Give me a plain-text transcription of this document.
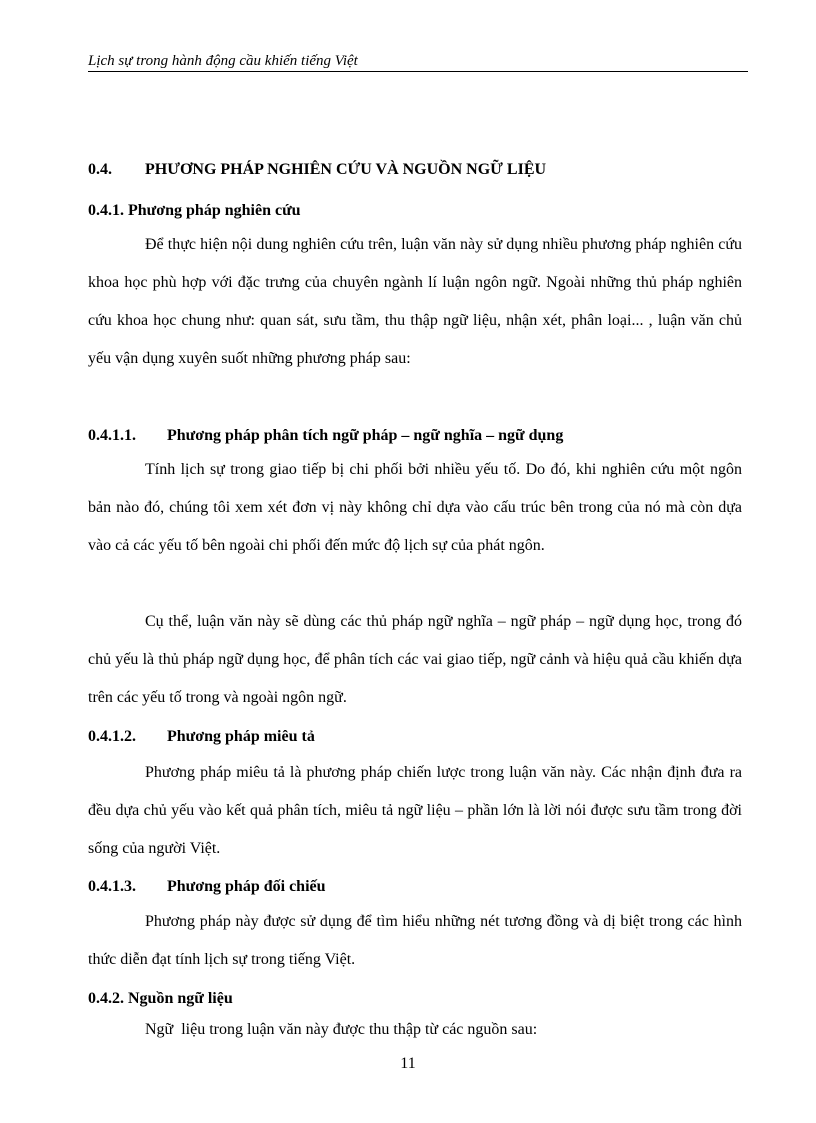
Lịch sự trong hành động cầu khiến tiếng Việt
0.4. PHƯƠNG PHÁP NGHIÊN CỨU VÀ NGUỒN NGỮ LIỆU
0.4.1. Phương pháp nghiên cứu
Để thực hiện nội dung nghiên cứu trên, luận văn này sử dụng nhiều phương pháp nghiên cứu khoa học phù hợp với đặc trưng của chuyên ngành lí luận ngôn ngữ. Ngoài những thủ pháp nghiên cứu khoa học chung như: quan sát, sưu tầm, thu thập ngữ liệu, nhận xét, phân loại... , luận văn chủ yếu vận dụng xuyên suốt những phương pháp sau:
0.4.1.1. Phương pháp phân tích ngữ pháp – ngữ nghĩa – ngữ dụng
Tính lịch sự trong giao tiếp bị chi phối bởi nhiều yếu tố. Do đó, khi nghiên cứu một ngôn bản nào đó, chúng tôi xem xét đơn vị này không chỉ dựa vào cấu trúc bên trong của nó mà còn dựa vào cả các yếu tố bên ngoài chi phối đến mức độ lịch sự của phát ngôn.
Cụ thể, luận văn này sẽ dùng các thủ pháp ngữ nghĩa – ngữ pháp – ngữ dụng học, trong đó chủ yếu là thủ pháp ngữ dụng học, để phân tích các vai giao tiếp, ngữ cảnh và hiệu quả cầu khiến dựa trên các yếu tố trong và ngoài ngôn ngữ.
0.4.1.2. Phương pháp miêu tả
Phương pháp miêu tả là phương pháp chiến lược trong luận văn này. Các nhận định đưa ra đều dựa chủ yếu vào kết quả phân tích, miêu tả ngữ liệu – phần lớn là lời nói được sưu tầm trong đời sống của người Việt.
0.4.1.3. Phương pháp đối chiếu
Phương pháp này được sử dụng để tìm hiểu những nét tương đồng và dị biệt trong các hình thức diễn đạt tính lịch sự trong tiếng Việt.
0.4.2. Nguồn ngữ liệu
Ngữ  liệu trong luận văn này được thu thập từ các nguồn sau:
11
